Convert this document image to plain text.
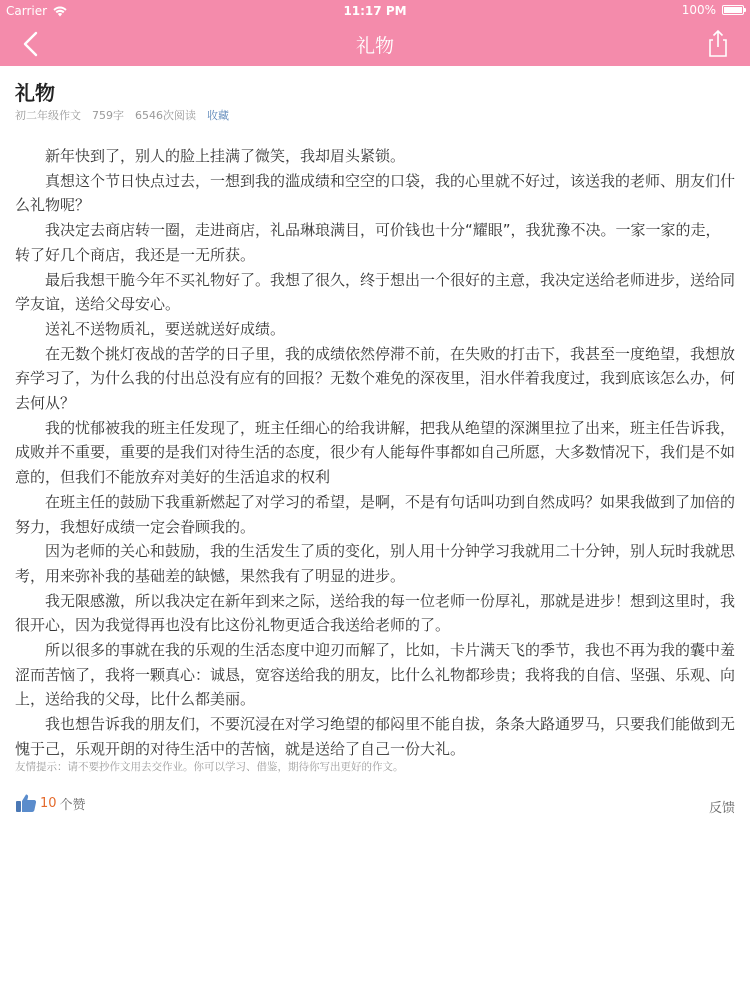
Carrier	11:17 PM	100%
礼物
礼物
初二年级作文 759字 6546次阅读 收藏

新年快到了，别人的脸上挂满了微笑，我却眉头紧锁。

真想这个节日快点过去，一想到我的滥成绩和空空的口袋，我的心里就不好过，该送我的老师、朋友们什么礼物呢？

我决定去商店转一圈，走进商店，礼品琳琅满目，可价钱也十分“耀眼”，我犹豫不决。一家一家的走，转了好几个商店，我还是一无所获。

最后我想干脆今年不买礼物好了。我想了很久，终于想出一个很好的主意，我决定送给老师进步，送给同学友谊，送给父母安心。

送礼不送物质礼，要送就送好成绩。

在无数个挑灯夜战的苦学的日子里，我的成绩依然停滞不前，在失败的打击下，我甚至一度绝望，我想放弃学习了，为什么我的付出总没有应有的回报？无数个难免的深夜里，泪水伴着我度过，我到底该怎么办，何去何从？

我的忧郁被我的班主任发现了，班主任细心的给我讲解，把我从绝望的深渊里拉了出来，班主任告诉我，成败并不重要，重要的是我们对待生活的态度，很少有人能每件事都如自己所愿，大多数情况下，我们是不如意的，但我们不能放弃对美好的生活追求的权利

在班主任的鼓励下我重新燃起了对学习的希望，是啊，不是有句话叫功到自然成吗？如果我做到了加倍的努力，我想好成绩一定会眷顾我的。

因为老师的关心和鼓励，我的生活发生了质的变化，别人用十分钟学习我就用二十分钟，别人玩时我就思考，用来弥补我的基础差的缺憾，果然我有了明显的进步。

我无限感激，所以我决定在新年到来之际，送给我的每一位老师一份厚礼，那就是进步！想到这里时，我很开心，因为我觉得再也没有比这份礼物更适合我送给老师的了。

所以很多的事就在我的乐观的生活态度中迎刃而解了，比如，卡片满天飞的季节，我也不再为我的囊中羞涩而苦恼了，我将一颗真心：诚恳，宽容送给我的朋友，比什么礼物都珍贵；我将我的自信、坚强、乐观、向上，送给我的父母，比什么都美丽。

我也想告诉我的朋友们，不要沉浸在对学习绝望的郁闷里不能自拔，条条大路通罗马，只要我们能做到无愧于己，乐观开朗的对待生活中的苦恼，就是送给了自己一份大礼。

友情提示：请不要抄作文用去交作业。你可以学习、借鉴，期待你写出更好的作文。
10 个赞	反馈
